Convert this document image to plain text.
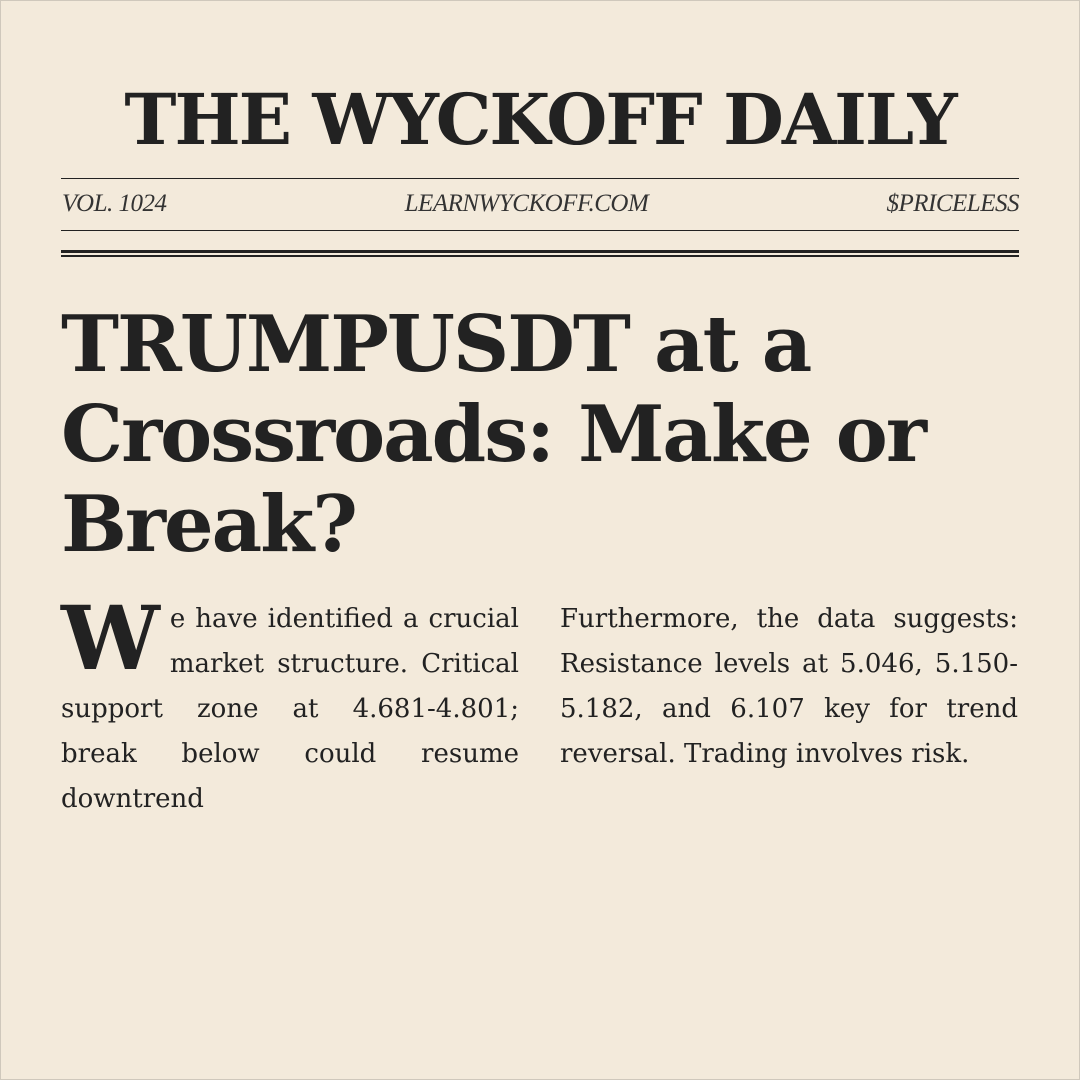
THE WYCKOFF DAILY
VOL. 1024	LEARNWYCKOFF.COM	$PRICELESS
TRUMPUSDT at a Crossroads: Make or Break?
We have identified a crucial market structure. Critical support zone at 4.681-4.801; break below could resume downtrend
Furthermore, the data suggests: Resistance levels at 5.046, 5.150-5.182, and 6.107 key for trend reversal. Trading involves risk.
